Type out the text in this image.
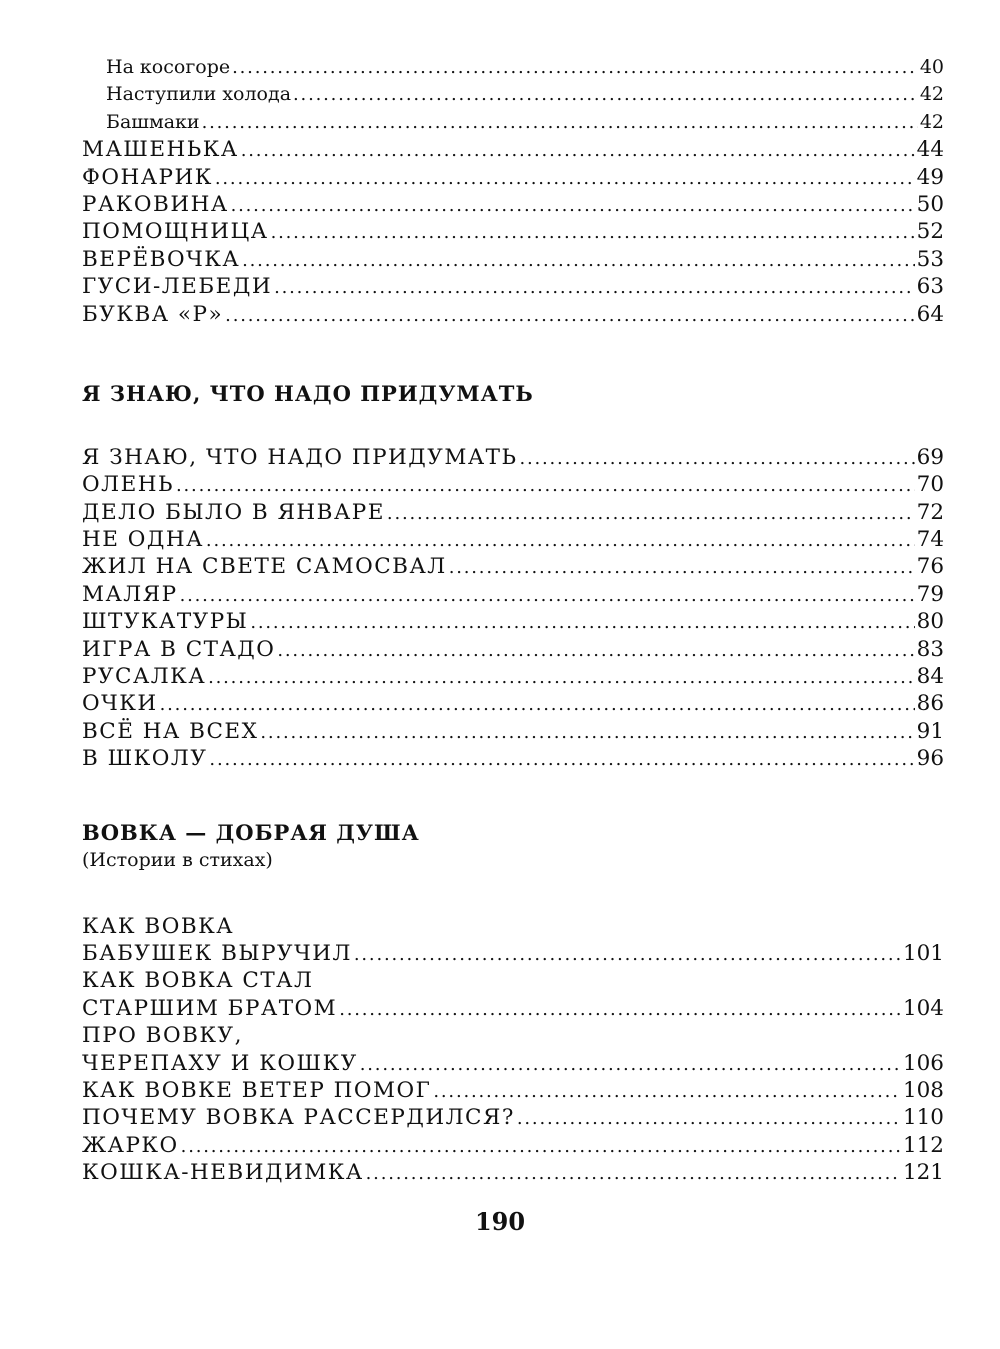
На косогоре .....	40
Наступили холода .....	42
Башмаки .....	42
МАШЕНЬКА .....	44
ФОНАРИК .....	49
РАКОВИНА .....	50
ПОМОЩНИЦА .....	52
ВЕРЁВОЧКА .....	53
ГУСИ-ЛЕБЕДИ .....	63
БУКВА «Р» .....	64
Я ЗНАЮ, ЧТО НАДО ПРИДУМАТЬ
Я ЗНАЮ, ЧТО НАДО ПРИДУМАТЬ .....	69
ОЛЕНЬ .....	70
ДЕЛО БЫЛО В ЯНВАРЕ .....	72
НЕ ОДНА .....	74
ЖИЛ НА СВЕТЕ САМОСВАЛ .....	76
МАЛЯР .....	79
ШТУКАТУРЫ .....	80
ИГРА В СТАДО .....	83
РУСАЛКА .....	84
ОЧКИ .....	86
ВСЁ НА ВСЕХ .....	91
В ШКОЛУ .....	96
ВОВКА — ДОБРАЯ ДУША
(Истории в стихах)
КАК ВОВКА
БАБУШЕК ВЫРУЧИЛ .....	101
КАК ВОВКА СТАЛ
СТАРШИМ БРАТОМ .....	104
ПРО ВОВКУ,
ЧЕРЕПАХУ И КОШКУ .....	106
КАК ВОВКЕ ВЕТЕР ПОМОГ .....	108
ПОЧЕМУ ВОВКА РАССЕРДИЛСЯ? .....	110
ЖАРКО .....	112
КОШКА-НЕВИДИМКА .....	121
190
